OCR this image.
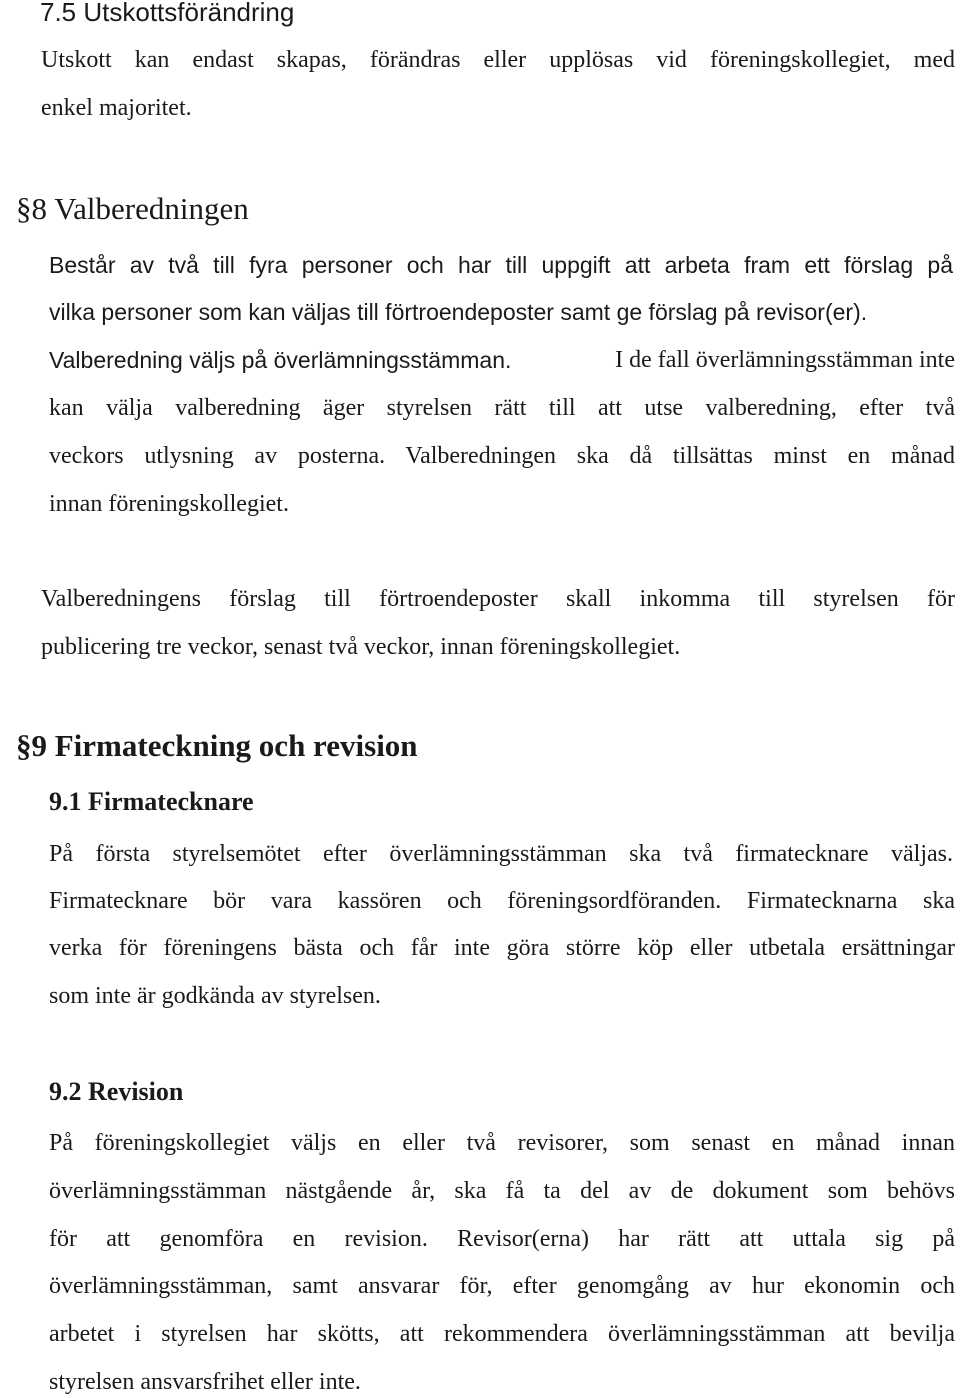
7.5 Utskottsförändring
Utskott kan endast skapas, förändras eller upplösas vid föreningskollegiet, med
enkel majoritet.
§8 Valberedningen
Består av två till fyra personer och har till uppgift att arbeta fram ett förslag på
vilka personer som kan väljas till förtroendeposter samt ge förslag på revisor(er).
Valberedning väljs på överlämningsstämman.	I de fall överlämningsstämman inte
kan välja valberedning äger styrelsen rätt till att utse valberedning, efter två
veckors utlysning av posterna. Valberedningen ska då tillsättas minst en månad
innan föreningskollegiet.
Valberedningens förslag till förtroendeposter skall inkomma till styrelsen för
publicering tre veckor, senast två veckor, innan föreningskollegiet.
§9 Firmateckning och revision
9.1 Firmatecknare
På första styrelsemötet efter överlämningsstämman ska två firmatecknare väljas.
Firmatecknare bör vara kassören och föreningsordföranden. Firmatecknarna ska
verka för föreningens bästa och får inte göra större köp eller utbetala ersättningar
som inte är godkända av styrelsen.
9.2 Revision
På föreningskollegiet väljs en eller två revisorer, som senast en månad innan
överlämningsstämman nästgående år, ska få ta del av de dokument som behövs
för att genomföra en revision. Revisor(erna) har rätt att uttala sig på
överlämningsstämman, samt ansvarar för, efter genomgång av hur ekonomin och
arbetet i styrelsen har skötts, att rekommendera överlämningsstämman att bevilja
styrelsen ansvarsfrihet eller inte.
